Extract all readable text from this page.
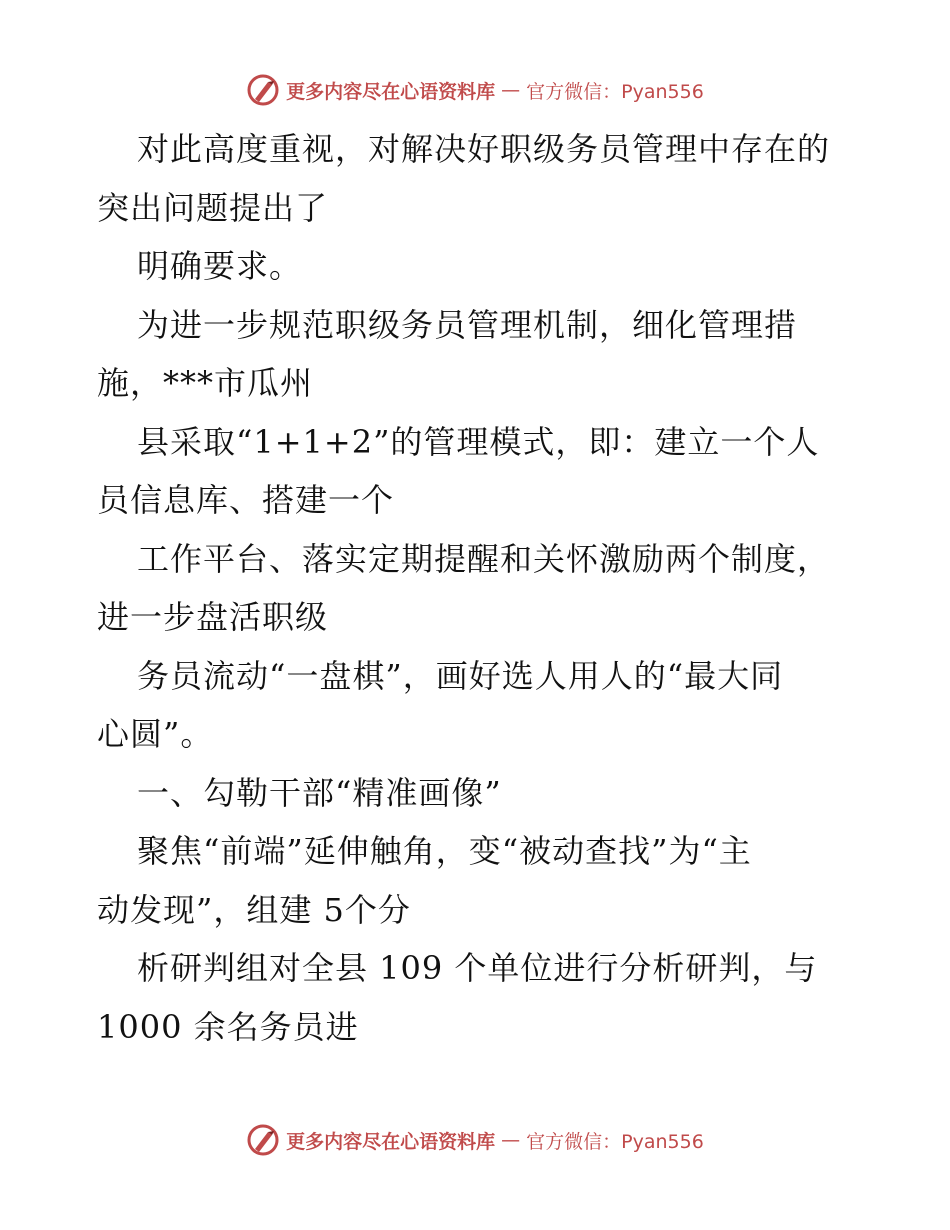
更多内容尽在心语资料库 — 官方微信：Pyan556
对此高度重视，对解决好职级务员管理中存在的
突出问题提出了
明确要求。
为进一步规范职级务员管理机制，细化管理措
施，***市瓜州
县采取“1+1+2”的管理模式，即：建立一个人
员信息库、搭建一个
工作平台、落实定期提醒和关怀激励两个制度，
进一步盘活职级
务员流动“一盘棋”，画好选人用人的“最大同
心圆”。
一、勾勒干部“精准画像”
聚焦“前端”延伸触角，变“被动查找”为“主
动发现”，组建 5个分
析研判组对全县 109 个单位进行分析研判，与
1000 余名务员进
更多内容尽在心语资料库 — 官方微信：Pyan556
